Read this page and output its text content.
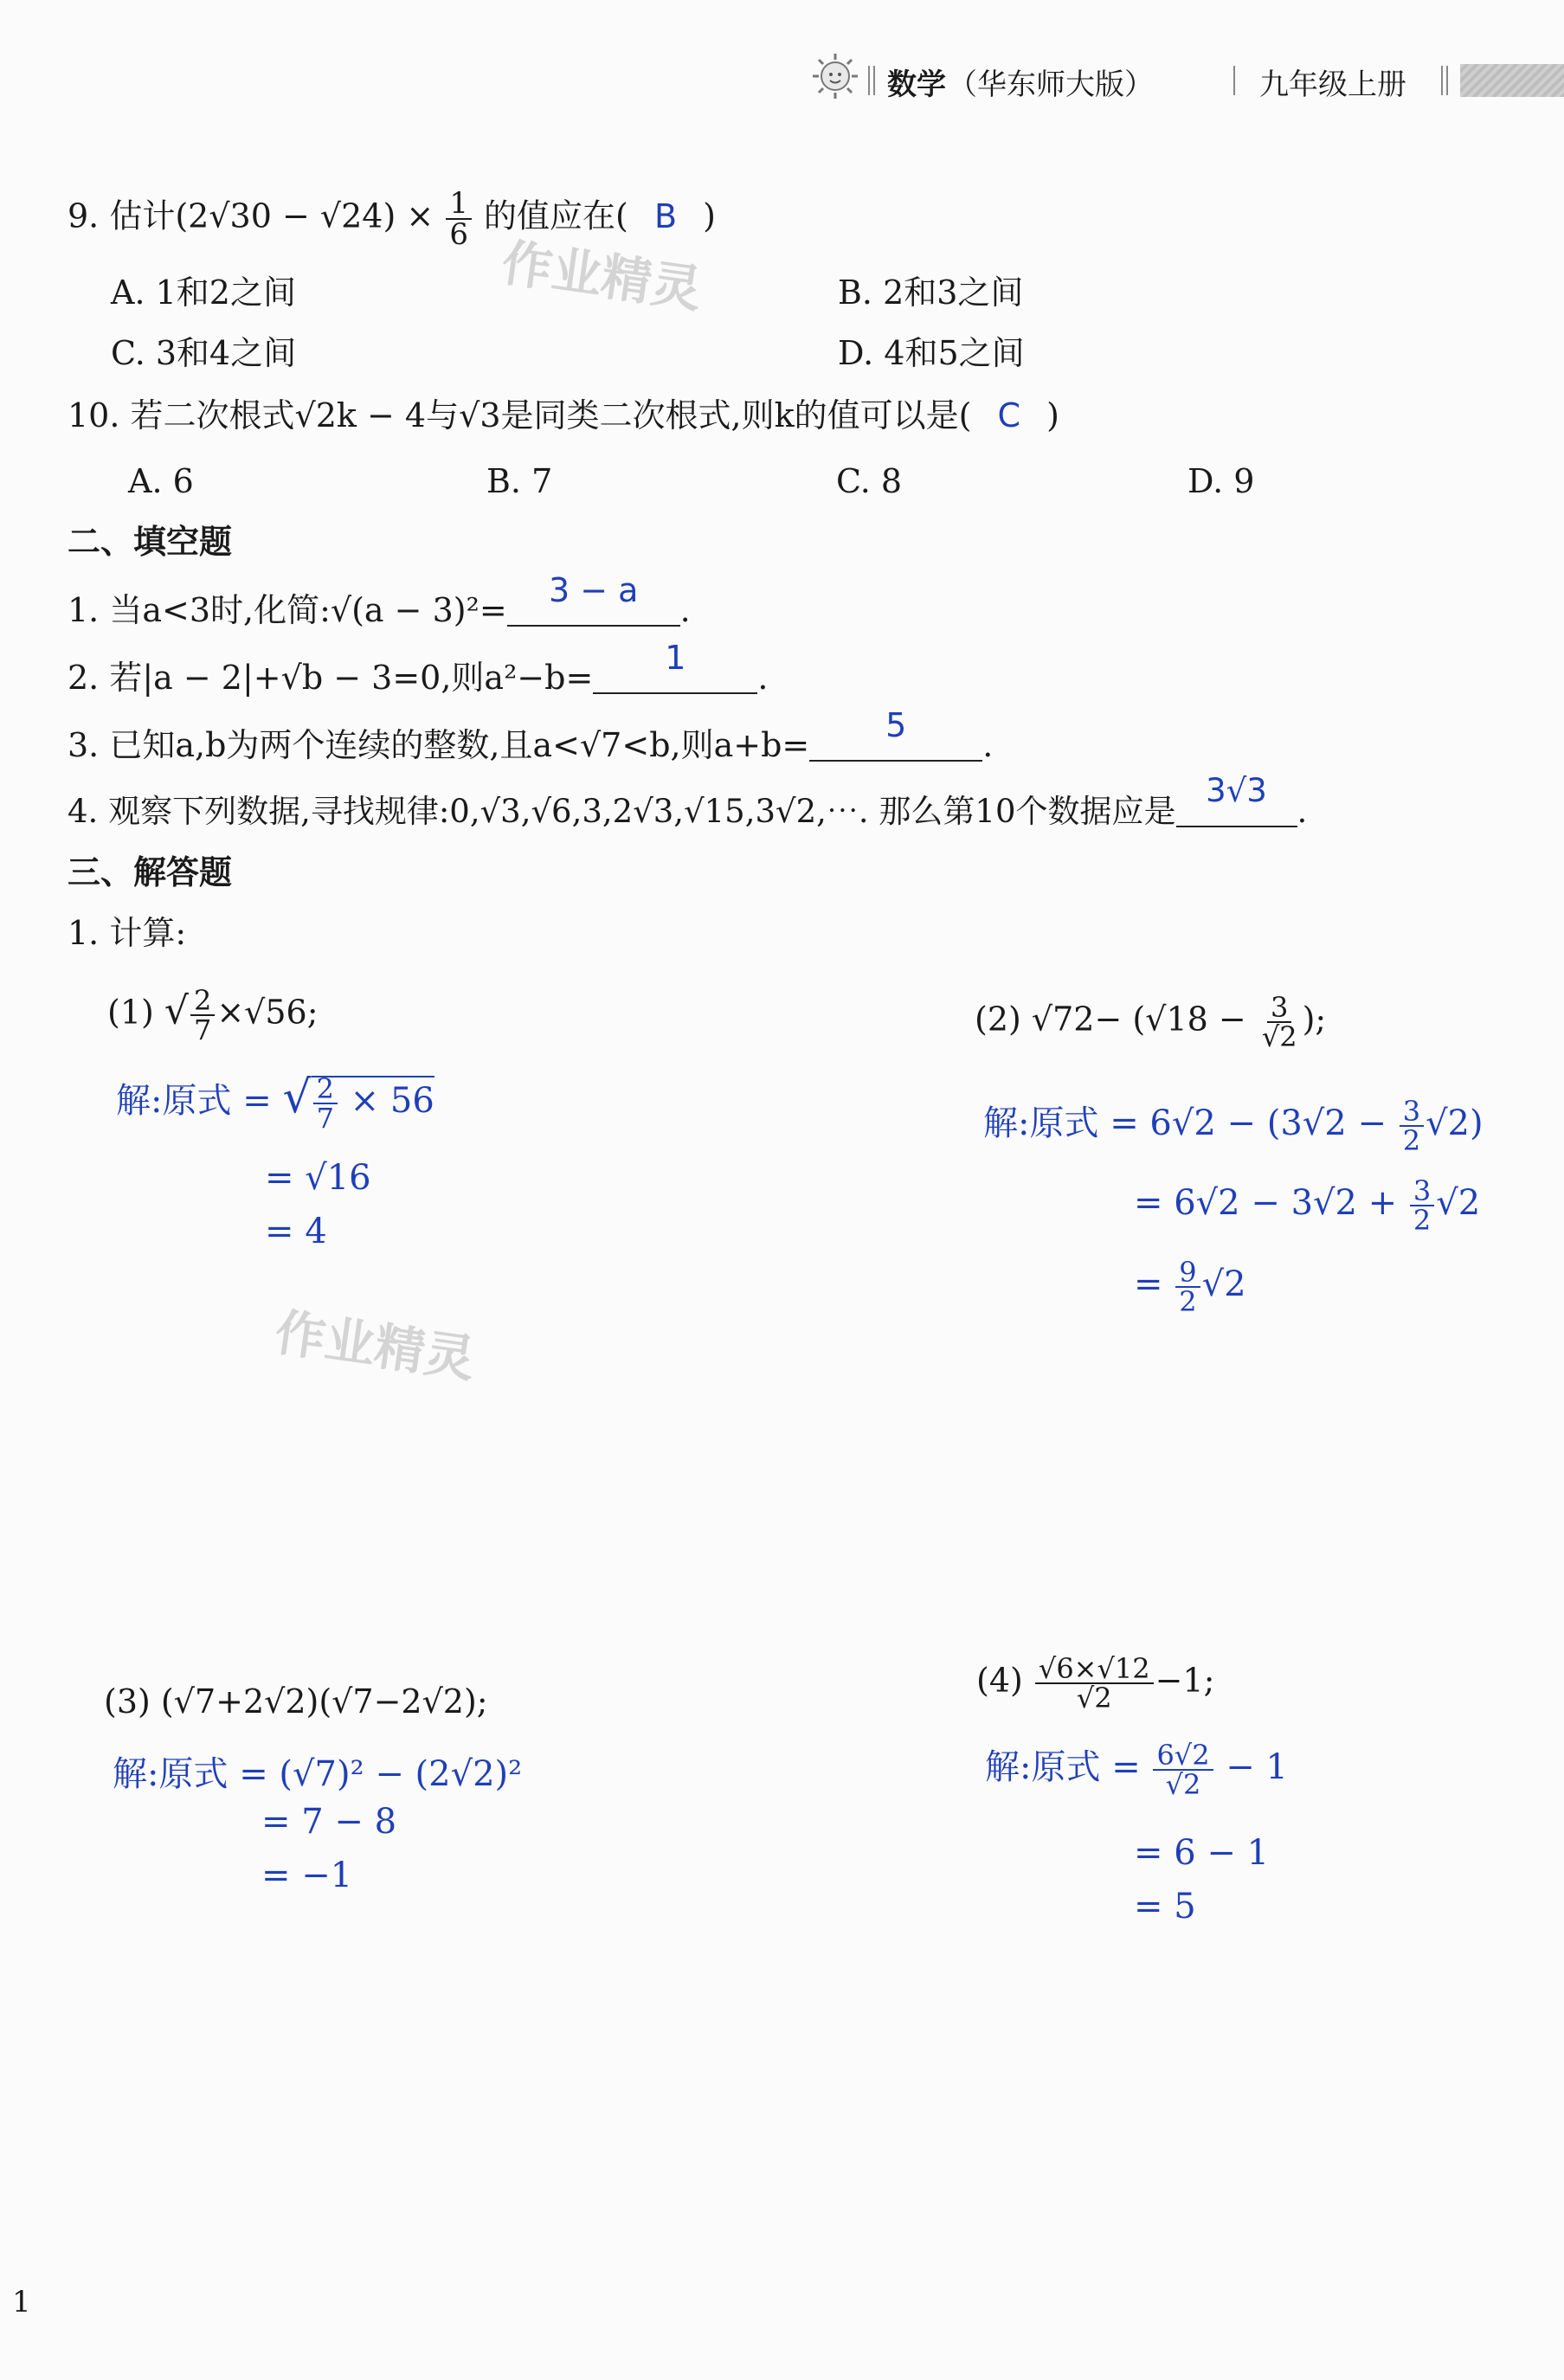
数学 （华东师大版）	九年级上册
作业精灵
作业精灵
9. 估计$(2√30 - √24) \times \frac{1}{6}$ 的值应在( B )
A. 1和2之间	B. 2和3之间
C. 3和4之间	D. 4和5之间
10. 若二次根式√2k − 4与√3是同类二次根式,则k的值可以是( C )
A. 6	B. 7	C. 8	D. 9
二、填空题
1. 当a<3时,化简:√(a − 3)²=
3 − a
.
2. 若|a − 2|+√b − 3=0,则a²−b=
1
.
3. 已知a,b为两个连续的整数,且a<√7<b,则a+b=
5
.
4. 观察下列数据,寻找规律:0,√3,√6,3,2√3,√15,3√2,⋯. 那么第10个数据应是
3√3
.
三、解答题
1. 计算:
(1) √ $\frac{2}{7} \times√56$;
解:原式 = √ $\frac{2}{7} \times 56$
= √16
= 4
(2) $√72- (√18 - \frac{3}{√2}$ );
解:原式 = $6√2 - (3√2 - \frac{3}{2} √2)$
= $6√2 - 3√2 + \frac{3}{2} √2$
= $\frac{9}{2} √2$
(3) (√7+2√2)(√7−2√2);
解:原式 = (√7)² − (2√2)²
= 7 − 8
= −1
$(4) \frac{√6\times√12}{√2} -1$;
解:原式 = $\frac{6√2}{√2} - 1$
= 6 − 1
= 5
1
